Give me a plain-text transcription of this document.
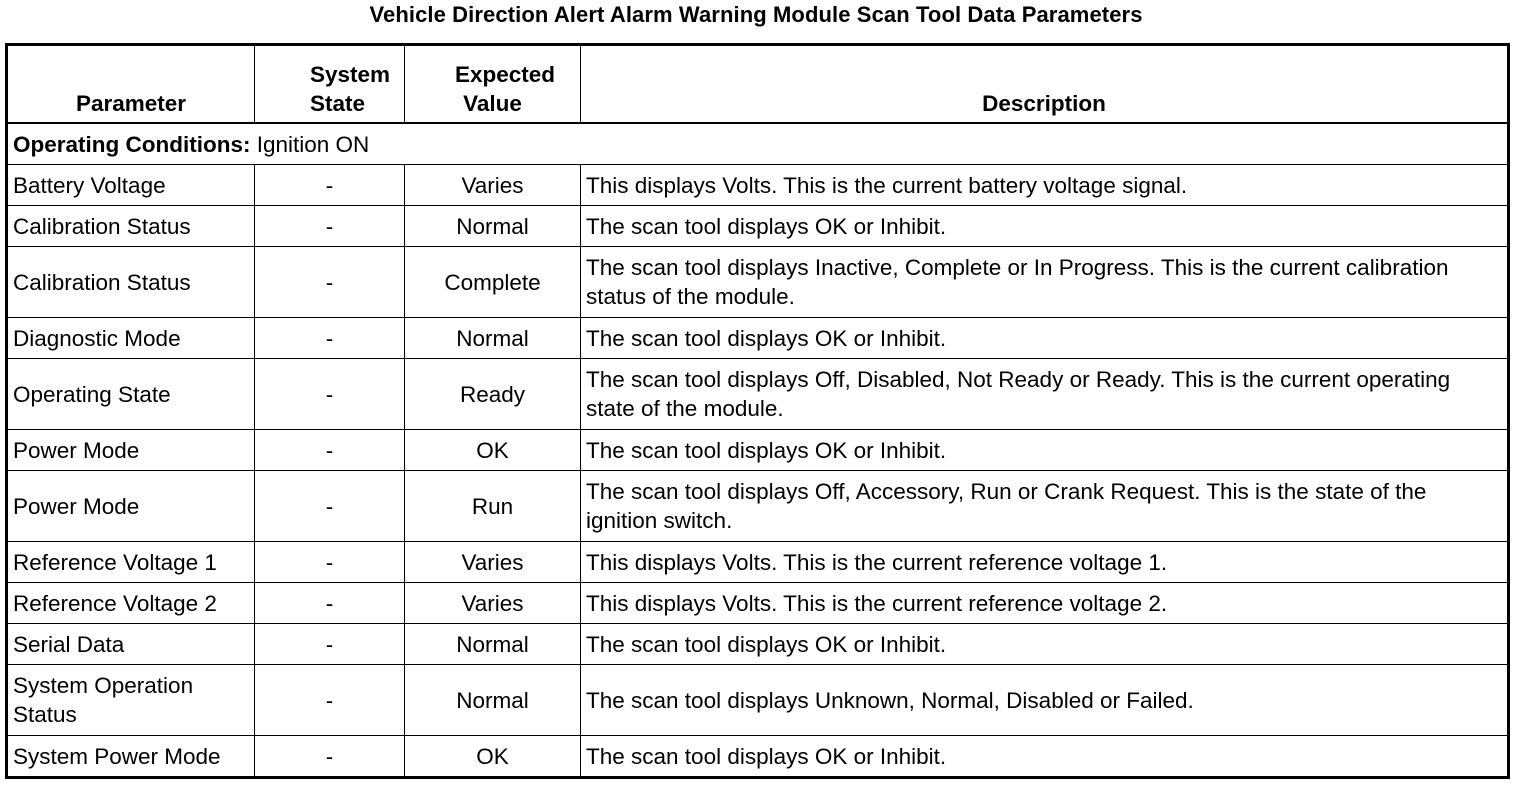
Vehicle Direction Alert Alarm Warning Module Scan Tool Data Parameters
Parameter	System State	Expected Value	Description
Operating Conditions: Ignition ON			
Battery Voltage	-	Varies	This displays Volts. This is the current battery voltage signal.
Calibration Status	-	Normal	The scan tool displays OK or Inhibit.
Calibration Status	-	Complete	The scan tool displays Inactive, Complete or In Progress. This is the current calibration status of the module.
Diagnostic Mode	-	Normal	The scan tool displays OK or Inhibit.
Operating State	-	Ready	The scan tool displays Off, Disabled, Not Ready or Ready. This is the current operating state of the module.
Power Mode	-	OK	The scan tool displays OK or Inhibit.
Power Mode	-	Run	The scan tool displays Off, Accessory, Run or Crank Request. This is the state of the ignition switch.
Reference Voltage 1	-	Varies	This displays Volts. This is the current reference voltage 1.
Reference Voltage 2	-	Varies	This displays Volts. This is the current reference voltage 2.
Serial Data	-	Normal	The scan tool displays OK or Inhibit.
System Operation Status	-	Normal	The scan tool displays Unknown, Normal, Disabled or Failed.
System Power Mode	-	OK	The scan tool displays OK or Inhibit.
